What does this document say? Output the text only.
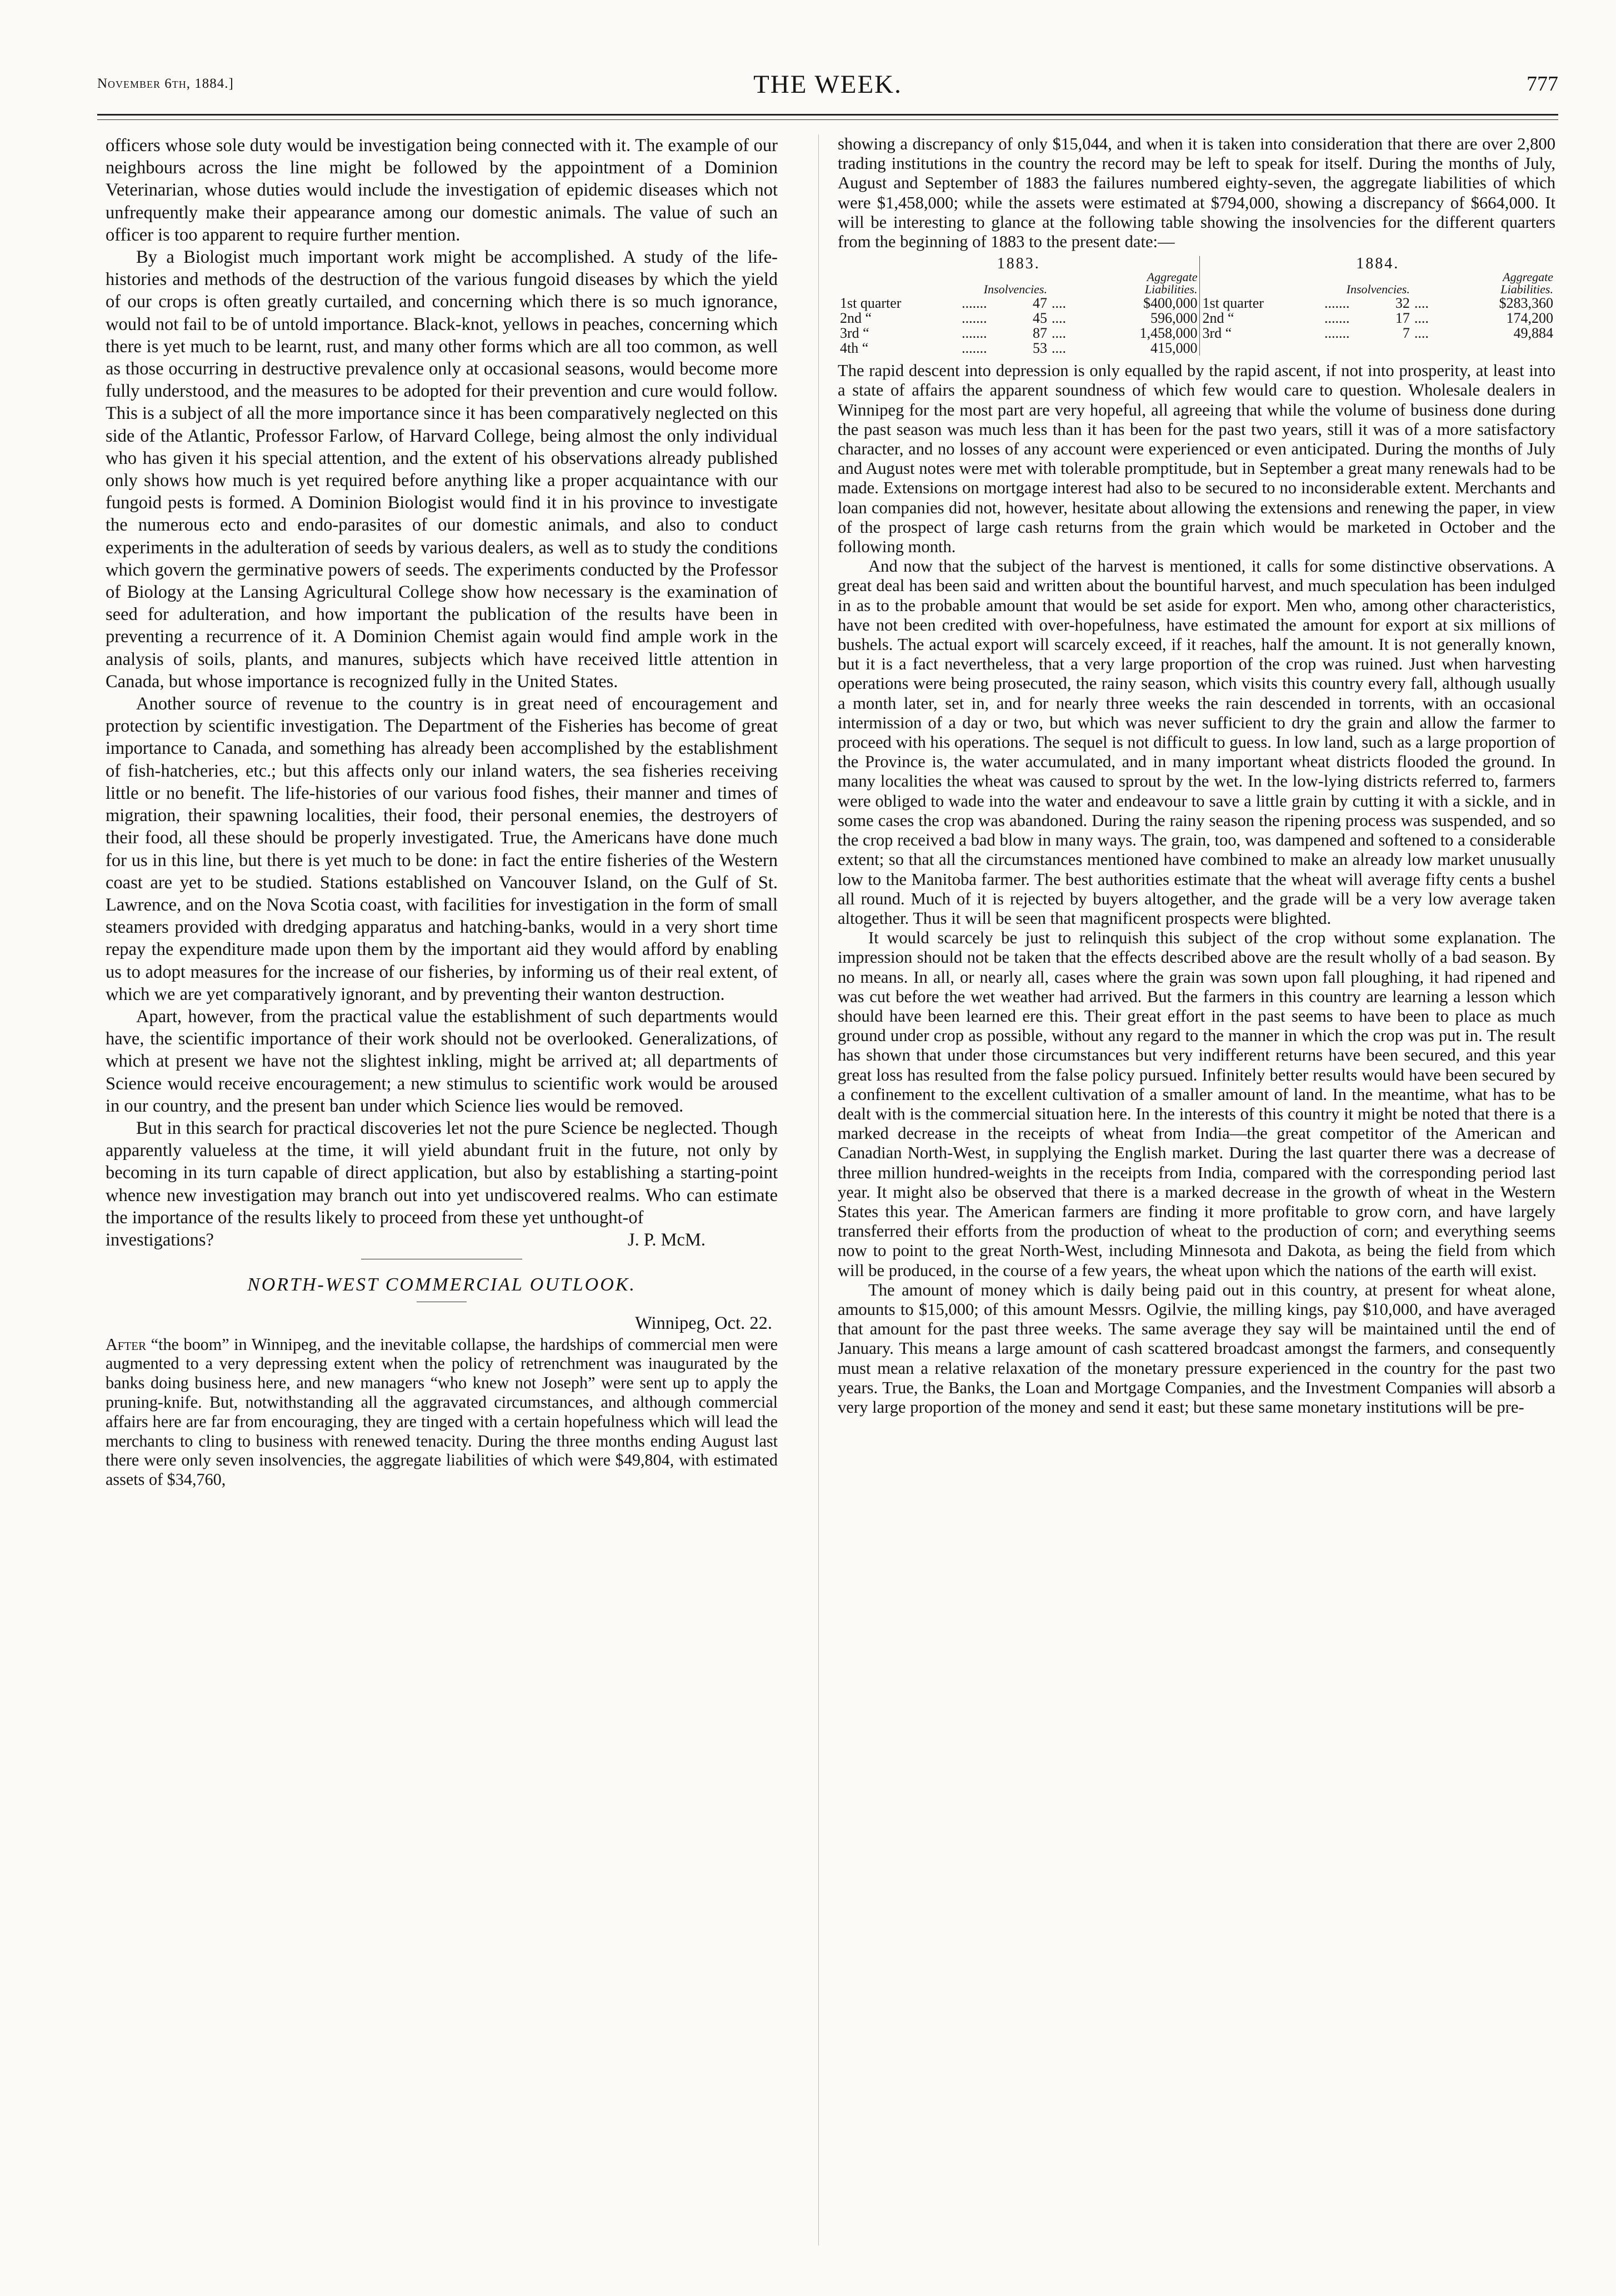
November 6th, 1884.]	THE WEEK.	777

officers whose sole duty would be investigation being connected with it. The example of our neighbours across the line might be followed by the appointment of a Dominion Veterinarian, whose duties would include the investigation of epidemic diseases which not unfrequently make their appearance among our domestic animals. The value of such an officer is too apparent to require further mention.

By a Biologist much important work might be accomplished. A study of the life-histories and methods of the destruction of the various fungoid diseases by which the yield of our crops is often greatly curtailed, and concerning which there is so much ignorance, would not fail to be of untold importance. Black-knot, yellows in peaches, concerning which there is yet much to be learnt, rust, and many other forms which are all too common, as well as those occurring in destructive prevalence only at occasional seasons, would become more fully understood, and the measures to be adopted for their prevention and cure would follow. This is a subject of all the more importance since it has been comparatively neglected on this side of the Atlantic, Professor Farlow, of Harvard College, being almost the only individual who has given it his special attention, and the extent of his observations already published only shows how much is yet required before anything like a proper acquaintance with our fungoid pests is formed. A Dominion Biologist would find it in his province to investigate the numerous ecto and endo-parasites of our domestic animals, and also to conduct experiments in the adulteration of seeds by various dealers, as well as to study the conditions which govern the germinative powers of seeds. The experiments conducted by the Professor of Biology at the Lansing Agricultural College show how necessary is the examination of seed for adulteration, and how important the publication of the results have been in preventing a recurrence of it. A Dominion Chemist again would find ample work in the analysis of soils, plants, and manures, subjects which have received little attention in Canada, but whose importance is recognized fully in the United States.

Another source of revenue to the country is in great need of encouragement and protection by scientific investigation. The Department of the Fisheries has become of great importance to Canada, and something has already been accomplished by the establishment of fish-hatcheries, etc.; but this affects only our inland waters, the sea fisheries receiving little or no benefit. The life-histories of our various food fishes, their manner and times of migration, their spawning localities, their food, their personal enemies, the destroyers of their food, all these should be properly investigated. True, the Americans have done much for us in this line, but there is yet much to be done: in fact the entire fisheries of the Western coast are yet to be studied. Stations established on Vancouver Island, on the Gulf of St. Lawrence, and on the Nova Scotia coast, with facilities for investigation in the form of small steamers provided with dredging apparatus and hatching-banks, would in a very short time repay the expenditure made upon them by the important aid they would afford by enabling us to adopt measures for the increase of our fisheries, by informing us of their real extent, of which we are yet comparatively ignorant, and by preventing their wanton destruction.

Apart, however, from the practical value the establishment of such departments would have, the scientific importance of their work should not be overlooked. Generalizations, of which at present we have not the slightest inkling, might be arrived at; all departments of Science would receive encouragement; a new stimulus to scientific work would be aroused in our country, and the present ban under which Science lies would be removed.

But in this search for practical discoveries let not the pure Science be neglected. Though apparently valueless at the time, it will yield abundant fruit in the future, not only by becoming in its turn capable of direct application, but also by establishing a starting-point whence new investigation may branch out into yet undiscovered realms. Who can estimate the importance of the results likely to proceed from these yet unthought-of

investigations?	J. P. McM.
NORTH-WEST COMMERCIAL OUTLOOK.
Winnipeg, Oct. 22.

After “the boom” in Winnipeg, and the inevitable collapse, the hardships of commercial men were augmented to a very depressing extent when the policy of retrenchment was inaugurated by the banks doing business here, and new managers “who knew not Joseph” were sent up to apply the pruning-knife. But, notwithstanding all the aggravated circumstances, and although commercial affairs here are far from encouraging, they are tinged with a certain hopefulness which will lead the merchants to cling to business with renewed tenacity. During the three months ending August last there were only seven insolvencies, the aggregate liabilities of which were $49,804, with estimated assets of $34,760,

showing a discrepancy of only $15,044, and when it is taken into consideration that there are over 2,800 trading institutions in the country the record may be left to speak for itself. During the months of July, August and September of 1883 the failures numbered eighty-seven, the aggregate liabilities of which were $1,458,000; while the assets were estimated at $794,000, showing a discrepancy of $664,000. It will be interesting to glance at the following table showing the insolvencies for the different quarters from the beginning of 1883 to the present date:—

1883.					1884.				
Insolvencies.				Aggregate
Liabilities.	Insolvencies.				Aggregate
Liabilities.
1st quarter	.......	47	....	$400,000	1st quarter	.......	32	....	$283,360
2nd “	.......	45	....	596,000	2nd “	.......	17	....	174,200
3rd “	.......	87	....	1,458,000	3rd “	.......	7	....	49,884
4th “	.......	53	....	415,000					

The rapid descent into depression is only equalled by the rapid ascent, if not into prosperity, at least into a state of affairs the apparent soundness of which few would care to question. Wholesale dealers in Winnipeg for the most part are very hopeful, all agreeing that while the volume of business done during the past season was much less than it has been for the past two years, still it was of a more satisfactory character, and no losses of any account were experienced or even anticipated. During the months of July and August notes were met with tolerable promptitude, but in September a great many renewals had to be made. Extensions on mortgage interest had also to be secured to no inconsiderable extent. Merchants and loan companies did not, however, hesitate about allowing the extensions and renewing the paper, in view of the prospect of large cash returns from the grain which would be marketed in October and the following month.

And now that the subject of the harvest is mentioned, it calls for some distinctive observations. A great deal has been said and written about the bountiful harvest, and much speculation has been indulged in as to the probable amount that would be set aside for export. Men who, among other characteristics, have not been credited with over-hopefulness, have estimated the amount for export at six millions of bushels. The actual export will scarcely exceed, if it reaches, half the amount. It is not generally known, but it is a fact nevertheless, that a very large proportion of the crop was ruined. Just when harvesting operations were being prosecuted, the rainy season, which visits this country every fall, although usually a month later, set in, and for nearly three weeks the rain descended in torrents, with an occasional intermission of a day or two, but which was never sufficient to dry the grain and allow the farmer to proceed with his operations. The sequel is not difficult to guess. In low land, such as a large proportion of the Province is, the water accumulated, and in many important wheat districts flooded the ground. In many localities the wheat was caused to sprout by the wet. In the low-lying districts referred to, farmers were obliged to wade into the water and endeavour to save a little grain by cutting it with a sickle, and in some cases the crop was abandoned. During the rainy season the ripening process was suspended, and so the crop received a bad blow in many ways. The grain, too, was dampened and softened to a considerable extent; so that all the circumstances mentioned have combined to make an already low market unusually low to the Manitoba farmer. The best authorities estimate that the wheat will average fifty cents a bushel all round. Much of it is rejected by buyers altogether, and the grade will be a very low average taken altogether. Thus it will be seen that magnificent prospects were blighted.

It would scarcely be just to relinquish this subject of the crop without some explanation. The impression should not be taken that the effects described above are the result wholly of a bad season. By no means. In all, or nearly all, cases where the grain was sown upon fall ploughing, it had ripened and was cut before the wet weather had arrived. But the farmers in this country are learning a lesson which should have been learned ere this. Their great effort in the past seems to have been to place as much ground under crop as possible, without any regard to the manner in which the crop was put in. The result has shown that under those circumstances but very indifferent returns have been secured, and this year great loss has resulted from the false policy pursued. Infinitely better results would have been secured by a confinement to the excellent cultivation of a smaller amount of land. In the meantime, what has to be dealt with is the commercial situation here. In the interests of this country it might be noted that there is a marked decrease in the receipts of wheat from India—the great competitor of the American and Canadian North-West, in supplying the English market. During the last quarter there was a decrease of three million hundred-weights in the receipts from India, compared with the corresponding period last year. It might also be observed that there is a marked decrease in the growth of wheat in the Western States this year. The American farmers are finding it more profitable to grow corn, and have largely transferred their efforts from the production of wheat to the production of corn; and everything seems now to point to the great North-West, including Minnesota and Dakota, as being the field from which will be produced, in the course of a few years, the wheat upon which the nations of the earth will exist.

The amount of money which is daily being paid out in this country, at present for wheat alone, amounts to $15,000; of this amount Messrs. Ogilvie, the milling kings, pay $10,000, and have averaged that amount for the past three weeks. The same average they say will be maintained until the end of January. This means a large amount of cash scattered broadcast amongst the farmers, and consequently must mean a relative relaxation of the monetary pressure experienced in the country for the past two years. True, the Banks, the Loan and Mortgage Companies, and the Investment Companies will absorb a very large proportion of the money and send it east; but these same monetary institutions will be pre-
